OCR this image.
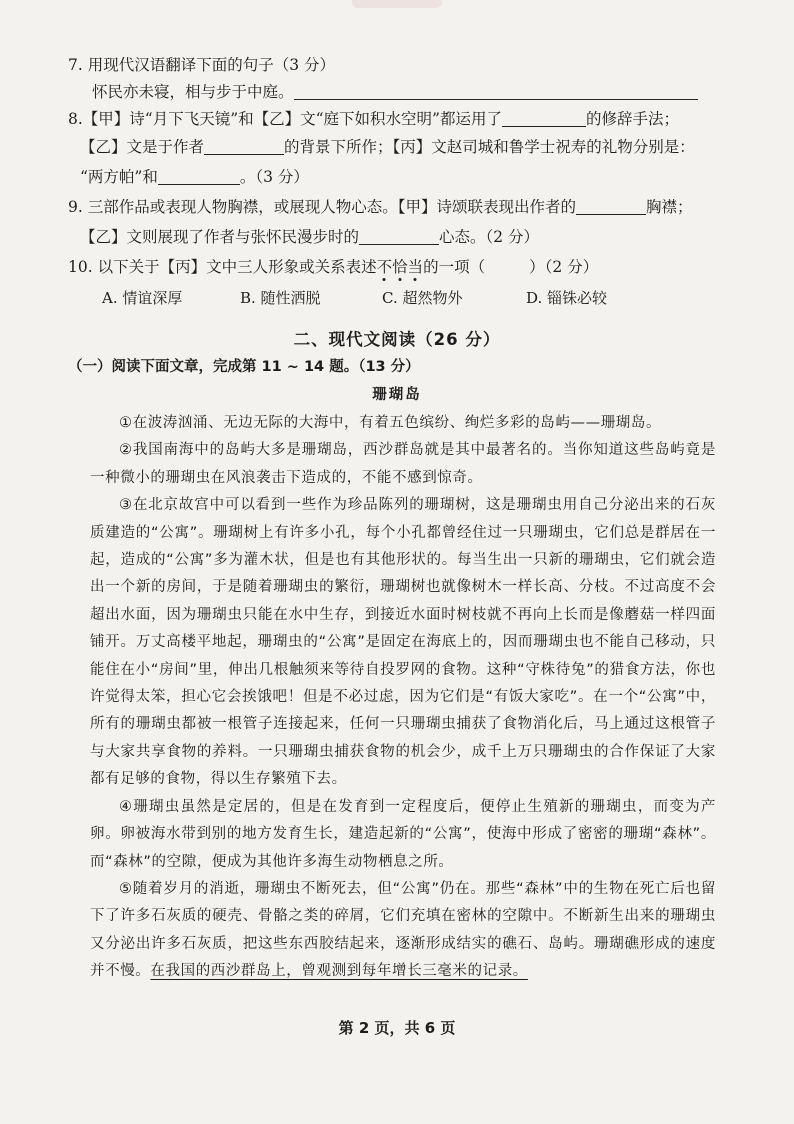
7. 用现代汉语翻译下面的句子（3 分）
怀民亦未寝，相与步于中庭。
8.【甲】诗“月下飞天镜”和【乙】文“庭下如积水空明”都运用了	的修辞手法；
【乙】文是于作者	的背景下所作；【丙】文赵司城和鲁学士祝寿的礼物分别是：
“两方帕”和	。（3 分）
9. 三部作品或表现人物胸襟，或展现人物心态。【甲】诗颂联表现出作者的	胸襟；
【乙】文则展现了作者与张怀民漫步时的	心态。（2 分）
10. 以下关于【丙】文中三人形象或关系表述不恰当的一项（	）（2 分）
A. 情谊深厚	B. 随性洒脱	C. 超然物外	D. 锱铢必较
二、现代文阅读（26 分）
（一）阅读下面文章，完成第 11 ~ 14 题。（13 分）
珊瑚岛

①在波涛汹涌、无边无际的大海中，有着五色缤纷、绚烂多彩的岛屿——珊瑚岛。

②我国南海中的岛屿大多是珊瑚岛，西沙群岛就是其中最著名的。当你知道这些岛屿竟是一种微小的珊瑚虫在风浪袭击下造成的，不能不感到惊奇。

③在北京故宫中可以看到一些作为珍品陈列的珊瑚树，这是珊瑚虫用自己分泌出来的石灰质建造的“公寓”。珊瑚树上有许多小孔，每个小孔都曾经住过一只珊瑚虫，它们总是群居在一起，造成的“公寓”多为灌木状，但是也有其他形状的。每当生出一只新的珊瑚虫，它们就会造出一个新的房间，于是随着珊瑚虫的繁衍，珊瑚树也就像树木一样长高、分枝。不过高度不会超出水面，因为珊瑚虫只能在水中生存，到接近水面时树枝就不再向上长而是像蘑菇一样四面铺开。万丈高楼平地起，珊瑚虫的“公寓”是固定在海底上的，因而珊瑚虫也不能自己移动，只能住在小“房间”里，伸出几根触须来等待自投罗网的食物。这种“守株待兔”的猎食方法，你也许觉得太笨，担心它会挨饿吧！但是不必过虑，因为它们是“有饭大家吃”。在一个“公寓”中，所有的珊瑚虫都被一根管子连接起来，任何一只珊瑚虫捕获了食物消化后，马上通过这根管子与大家共享食物的养料。一只珊瑚虫捕获食物的机会少，成千上万只珊瑚虫的合作保证了大家都有足够的食物，得以生存繁殖下去。

④珊瑚虫虽然是定居的，但是在发育到一定程度后，便停止生殖新的珊瑚虫，而变为产卵。卵被海水带到别的地方发育生长，建造起新的“公寓”，使海中形成了密密的珊瑚“森林”。而“森林”的空隙，便成为其他许多海生动物栖息之所。

⑤随着岁月的消逝，珊瑚虫不断死去，但“公寓”仍在。那些“森林”中的生物在死亡后也留下了许多石灰质的硬壳、骨骼之类的碎屑，它们充填在密林的空隙中。不断新生出来的珊瑚虫又分泌出许多石灰质，把这些东西胶结起来，逐渐形成结实的礁石、岛屿。珊瑚礁形成的速度并不慢。在我国的西沙群岛上，曾观测到每年增长三毫米的记录。

第 2 页，共 6 页
